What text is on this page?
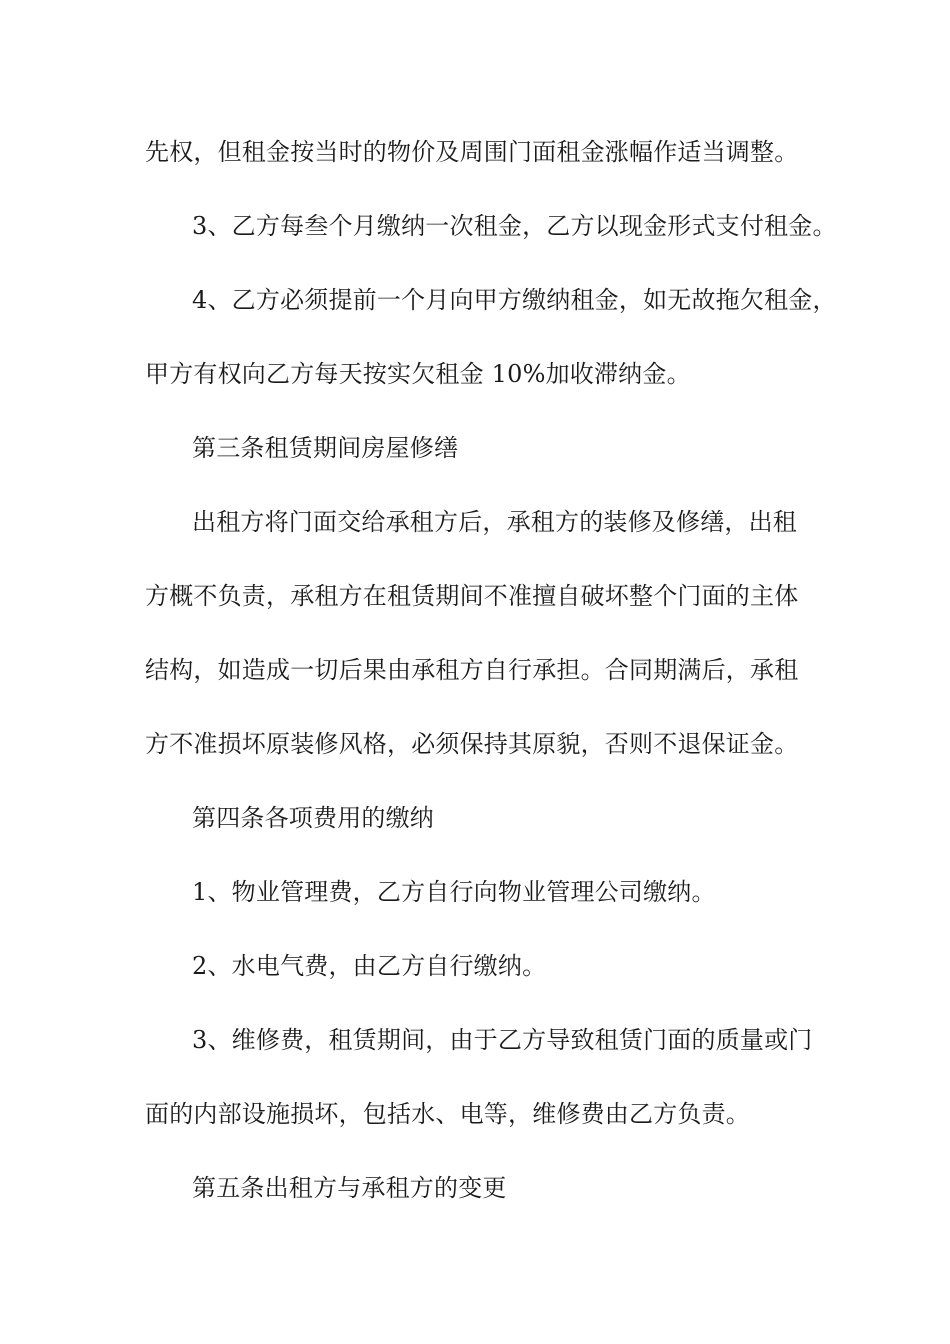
先权，但租金按当时的物价及周围门面租金涨幅作适当调整。
3、乙方每叁个月缴纳一次租金，乙方以现金形式支付租金。
4、乙方必须提前一个月向甲方缴纳租金，如无故拖欠租金，
甲方有权向乙方每天按实欠租金 10%加收滞纳金。
第三条租赁期间房屋修缮
出租方将门面交给承租方后，承租方的装修及修缮，出租
方概不负责，承租方在租赁期间不准擅自破坏整个门面的主体
结构，如造成一切后果由承租方自行承担。合同期满后，承租
方不准损坏原装修风格，必须保持其原貌，否则不退保证金。
第四条各项费用的缴纳
1、物业管理费，乙方自行向物业管理公司缴纳。
2、水电气费，由乙方自行缴纳。
3、维修费，租赁期间，由于乙方导致租赁门面的质量或门
面的内部设施损坏，包括水、电等，维修费由乙方负责。
第五条出租方与承租方的变更
